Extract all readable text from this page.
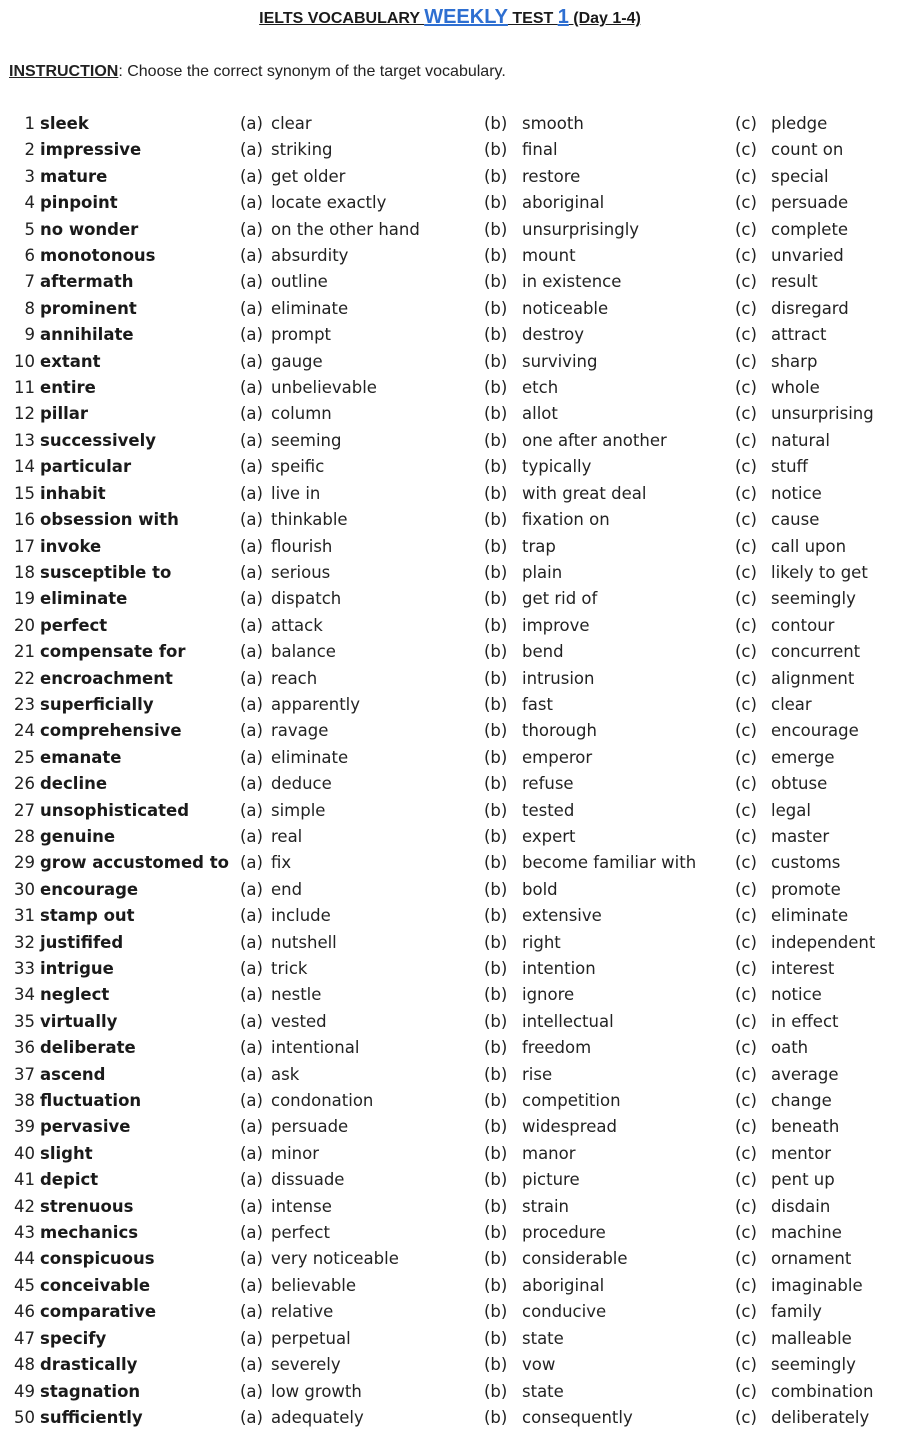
IELTS VOCABULARY WEEKLY TEST 1 (Day 1-4)
INSTRUCTION: Choose the correct synonym of the target vocabulary.
1 sleek	(a) clear	(b) smooth	(c) pledge
2 impressive	(a) striking	(b) final	(c) count on
3 mature	(a) get older	(b) restore	(c) special
4 pinpoint	(a) locate exactly	(b) aboriginal	(c) persuade
5 no wonder	(a) on the other hand	(b) unsurprisingly	(c) complete
6 monotonous	(a) absurdity	(b) mount	(c) unvaried
7 aftermath	(a) outline	(b) in existence	(c) result
8 prominent	(a) eliminate	(b) noticeable	(c) disregard
9 annihilate	(a) prompt	(b) destroy	(c) attract
10 extant	(a) gauge	(b) surviving	(c) sharp
11 entire	(a) unbelievable	(b) etch	(c) whole
12 pillar	(a) column	(b) allot	(c) unsurprising
13 successively	(a) seeming	(b) one after another	(c) natural
14 particular	(a) speific	(b) typically	(c) stuff
15 inhabit	(a) live in	(b) with great deal	(c) notice
16 obsession with	(a) thinkable	(b) fixation on	(c) cause
17 invoke	(a) flourish	(b) trap	(c) call upon
18 susceptible to	(a) serious	(b) plain	(c) likely to get
19 eliminate	(a) dispatch	(b) get rid of	(c) seemingly
20 perfect	(a) attack	(b) improve	(c) contour
21 compensate for	(a) balance	(b) bend	(c) concurrent
22 encroachment	(a) reach	(b) intrusion	(c) alignment
23 superficially	(a) apparently	(b) fast	(c) clear
24 comprehensive	(a) ravage	(b) thorough	(c) encourage
25 emanate	(a) eliminate	(b) emperor	(c) emerge
26 decline	(a) deduce	(b) refuse	(c) obtuse
27 unsophisticated	(a) simple	(b) tested	(c) legal
28 genuine	(a) real	(b) expert	(c) master
29 grow accustomed to (a) fix	(b) become familiar with (c) customs
30 encourage	(a) end	(b) bold	(c) promote
31 stamp out	(a) include	(b) extensive	(c) eliminate
32 justififed	(a) nutshell	(b) right	(c) independent
33 intrigue	(a) trick	(b) intention	(c) interest
34 neglect	(a) nestle	(b) ignore	(c) notice
35 virtually	(a) vested	(b) intellectual	(c) in effect
36 deliberate	(a) intentional	(b) freedom	(c) oath
37 ascend	(a) ask	(b) rise	(c) average
38 fluctuation	(a) condonation	(b) competition	(c) change
39 pervasive	(a) persuade	(b) widespread	(c) beneath
40 slight	(a) minor	(b) manor	(c) mentor
41 depict	(a) dissuade	(b) picture	(c) pent up
42 strenuous	(a) intense	(b) strain	(c) disdain
43 mechanics	(a) perfect	(b) procedure	(c) machine
44 conspicuous	(a) very noticeable	(b) considerable	(c) ornament
45 conceivable	(a) believable	(b) aboriginal	(c) imaginable
46 comparative	(a) relative	(b) conducive	(c) family
47 specify	(a) perpetual	(b) state	(c) malleable
48 drastically	(a) severely	(b) vow	(c) seemingly
49 stagnation	(a) low growth	(b) state	(c) combination
50 sufficiently	(a) adequately	(b) consequently	(c) deliberately
